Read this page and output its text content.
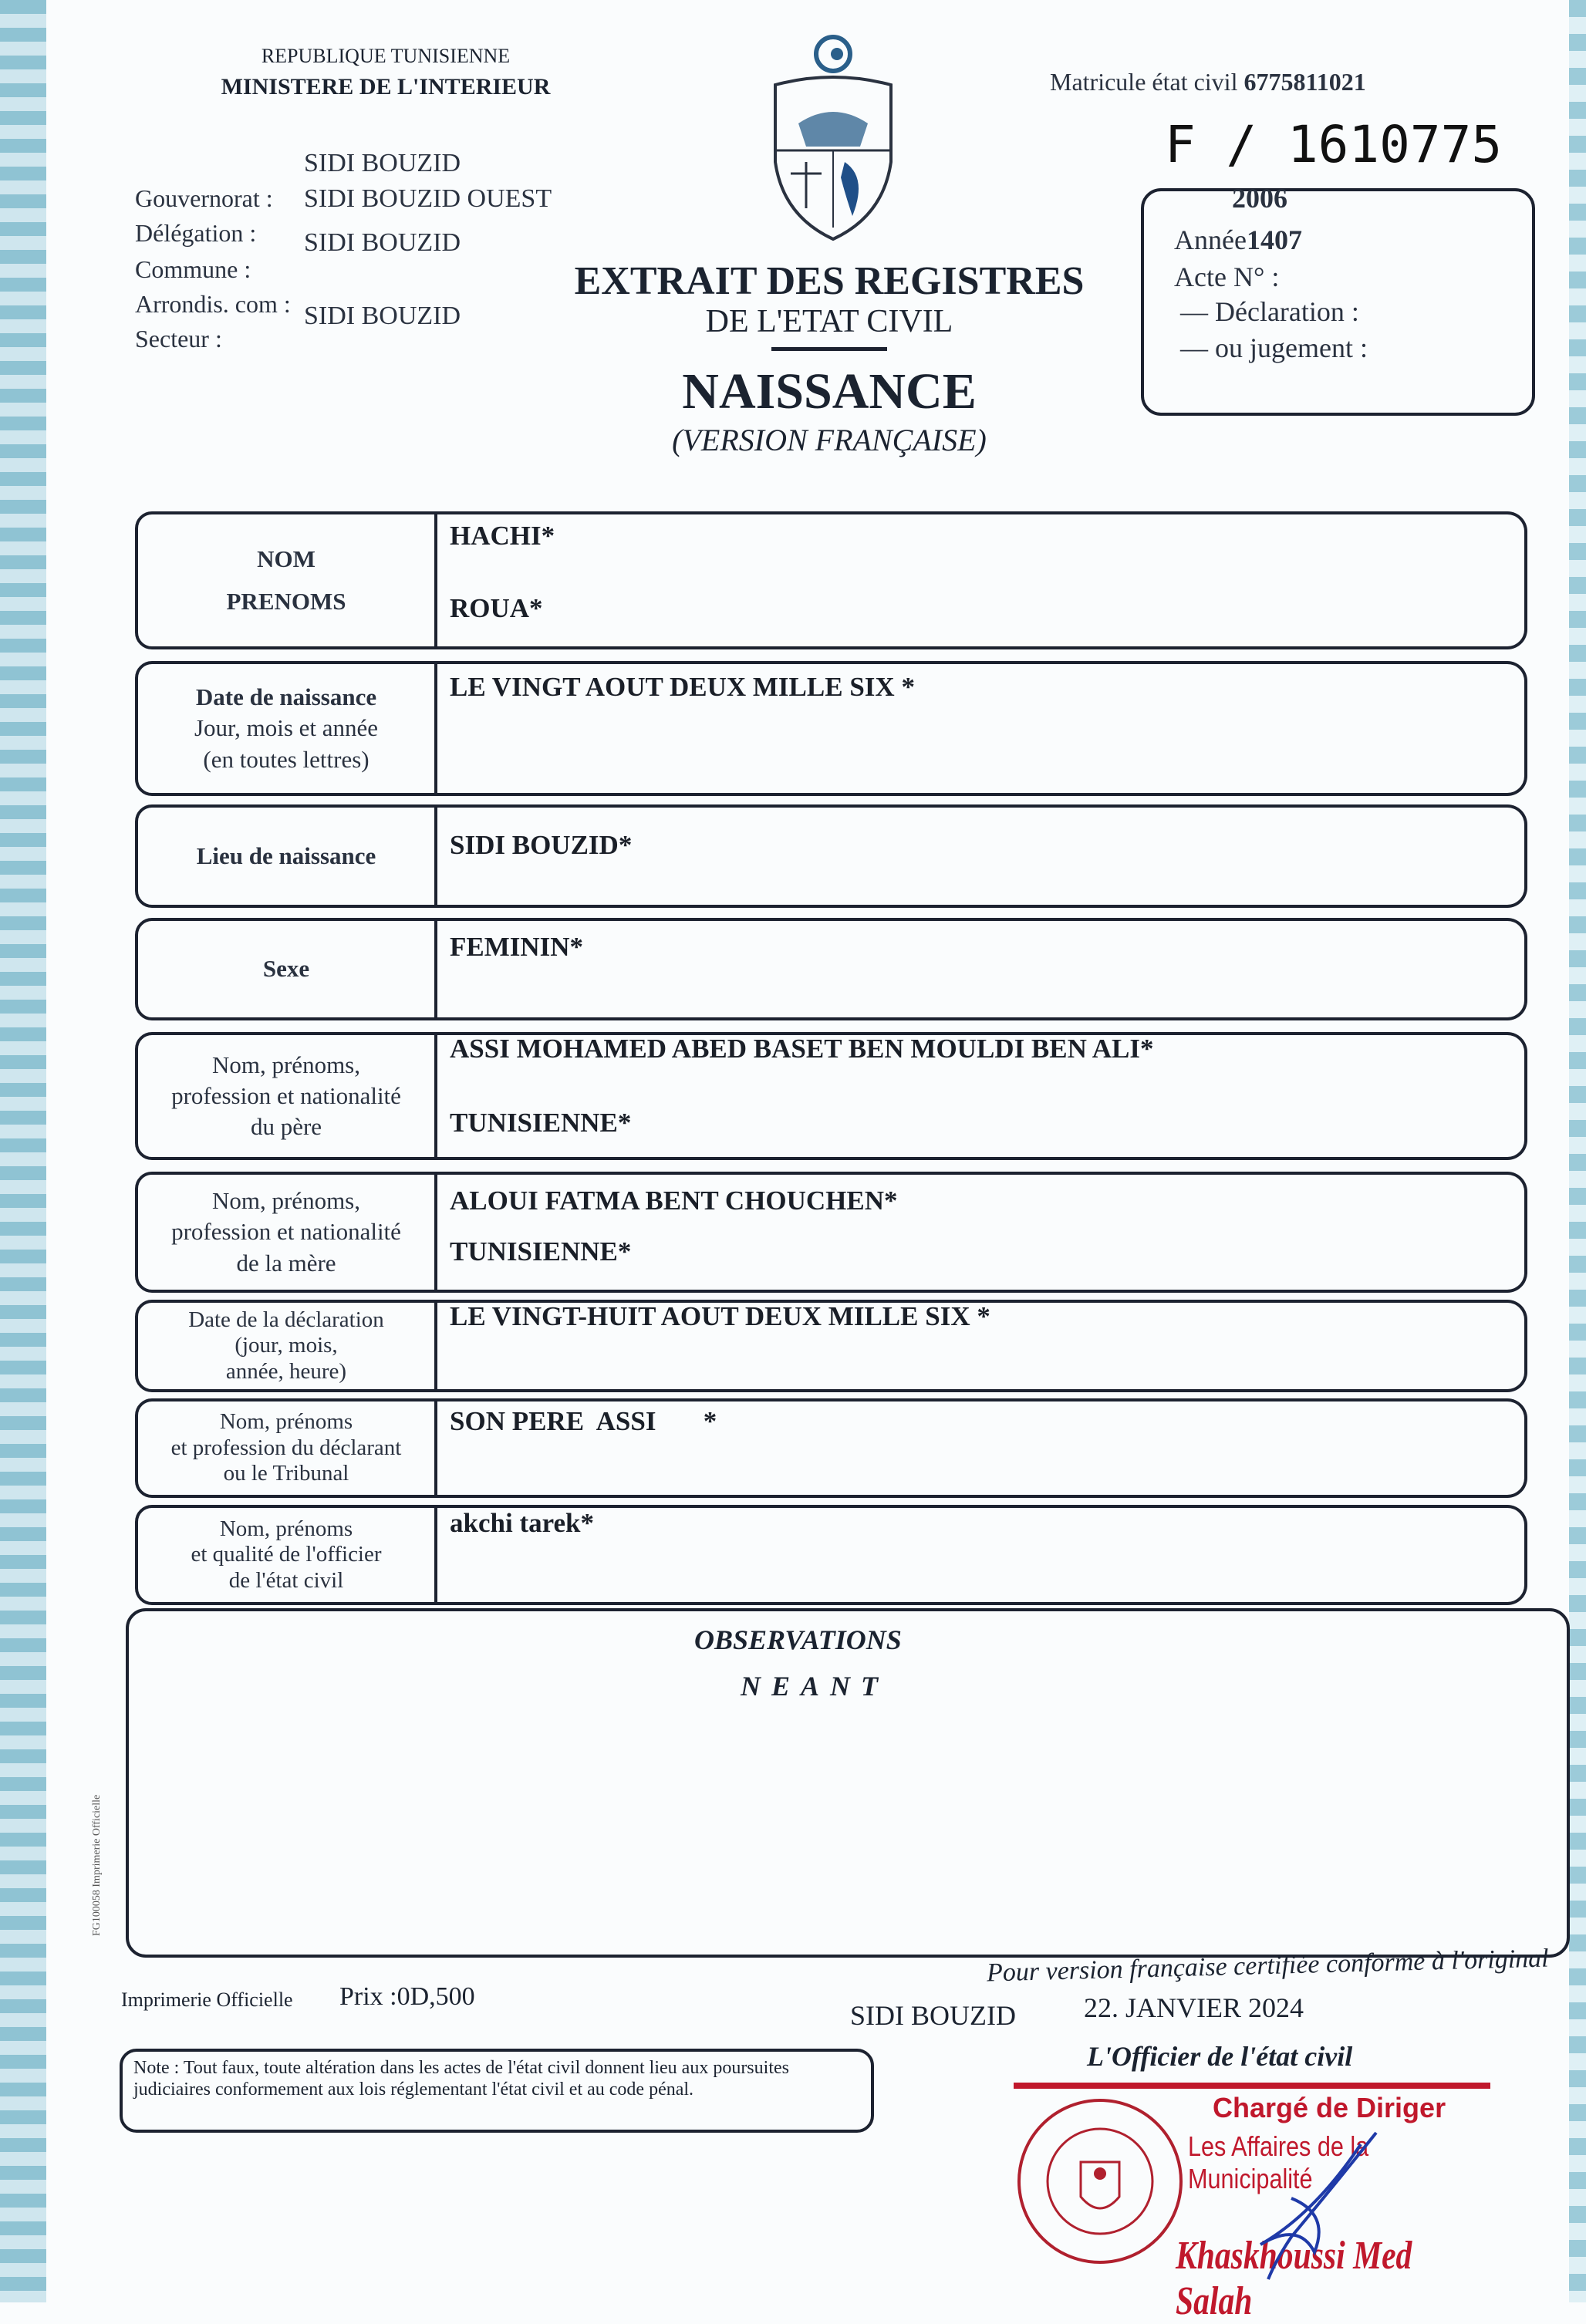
REPUBLIQUE TUNISIENNE
MINISTERE DE L'INTERIEUR
SIDI BOUZID
Gouvernorat : SIDI BOUZID OUEST
Délégation : SIDI BOUZID
Commune :
Arrondis. com : SIDI BOUZID
Secteur :
EXTRAIT DES REGISTRES
DE L'ETAT CIVIL
NAISSANCE
(VERSION FRANÇAISE)
Matricule état civil 6775811021
F / 1610775
2006
Année1407
Acte N° :
— Déclaration :
— ou jugement :
NOM
PRENOMS
HACHI*
ROUA*
Date de naissance
Jour, mois et année
(en toutes lettres)
LE VINGT AOUT DEUX MILLE SIX *
Lieu de naissance	SIDI BOUZID*
Sexe
FEMININ*
Nom, prénoms,
profession et nationalité
du père
ASSI MOHAMED ABED BASET BEN MOULDI BEN ALI*
TUNISIENNE*
Nom, prénoms,
profession et nationalité
de la mère
ALOUI FATMA BENT CHOUCHEN*
TUNISIENNE*
Date de la déclaration
(jour, mois,
année, heure)
LE VINGT-HUIT AOUT DEUX MILLE SIX *
Nom, prénoms
et profession du déclarant
ou le Tribunal
SON PERE  ASSI       *
Nom, prénoms
et qualité de l'officier
de l'état civil
akchi tarek*
OBSERVATIONS
NEANT
FG100058 Imprimerie Officielle
Pour version française certifiée conforme à l'original
Imprimerie Officielle Prix :0D,500
SIDI BOUZID 22. JANVIER 2024
L'Officier de l'état civil
Note : Tout faux, toute altération dans les actes de l'état civil donnent lieu aux poursuites judiciaires conformement aux lois réglementant l'état civil et au code pénal.
Chargé de Diriger
Les Affaires de la Municipalité
Khaskhoussi Med Salah
